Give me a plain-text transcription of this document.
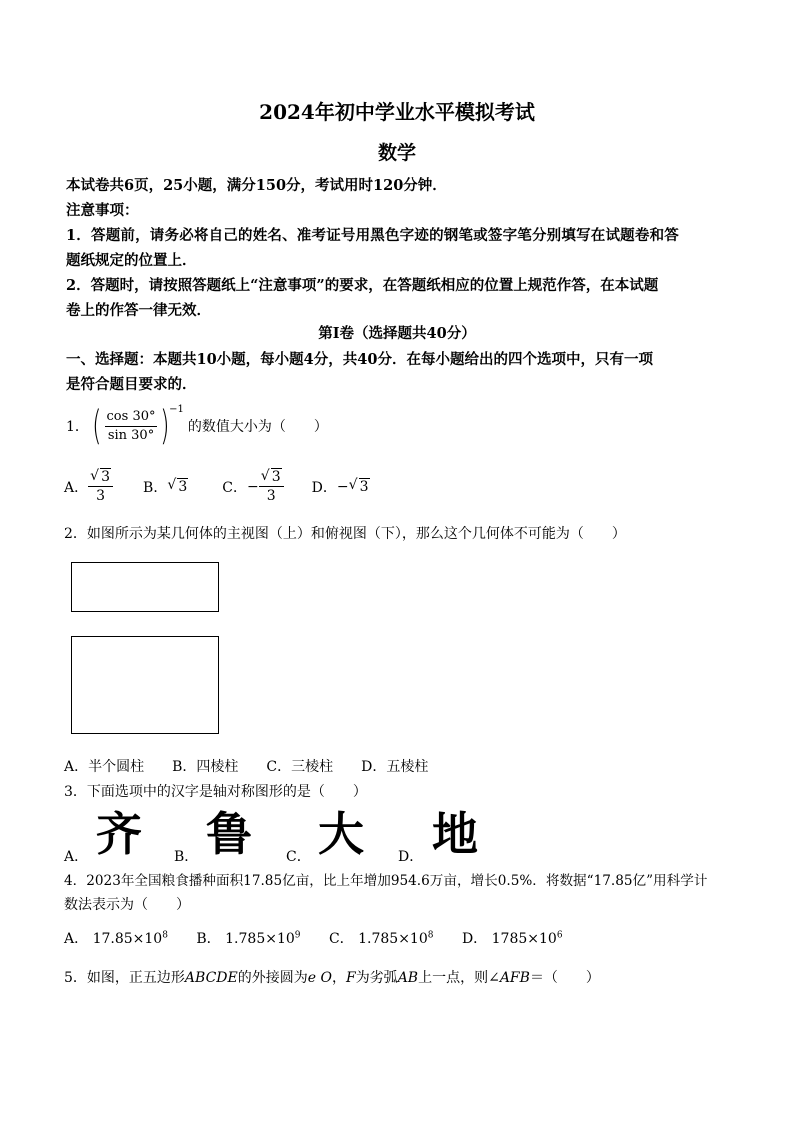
2024年初中学业水平模拟考试
数学
本试卷共6页，25小题，满分150分，考试用时120分钟．
注意事项：
1．答题前，请务必将自己的姓名、准考证号用黑色字迹的钢笔或签字笔分别填写在试题卷和答
题纸规定的位置上．
2．答题时，请按照答题纸上“注意事项”的要求，在答题纸相应的位置上规范作答，在本试题
卷上的作答一律无效．
第Ⅰ卷（选择题共40分）
一、选择题：本题共10小题，每小题4分，共40分．在每小题给出的四个选项中，只有一项
是符合题目要求的．
1． ( $\frac{\cos 30^\circ}{\sin 30^\circ}$ ) −1
的数值大小为（　　）
A． √ $\frac{3}{3}$ B． √ 3	C． − √ $\frac{3}{3}$ D． − √ 3
2．如图所示为某几何体的主视图（上）和俯视图（下），那么这个几何体不可能为（　　）
A．半个圆柱　　B．四棱柱　　C．三棱柱　　D．五棱柱
3．下面选项中的汉字是轴对称图形的是（　　）
A． 齐 B． 鲁 C． 大 D． 地
4．2023年全国粮食播种面积17.85亿亩，比上年增加954.6万亩，增长0.5%．将数据“17.85亿”用科学计
数法表示为（　　）
A． $17.85\times 10^8$ B． $1.785\times 10^9$ C． $1.785\times 10^8$ D． $1785\times 10^6$
5．如图，正五边形ABCDE的外接圆为e O，F为劣弧AB上一点，则∠AFB＝（　　）
